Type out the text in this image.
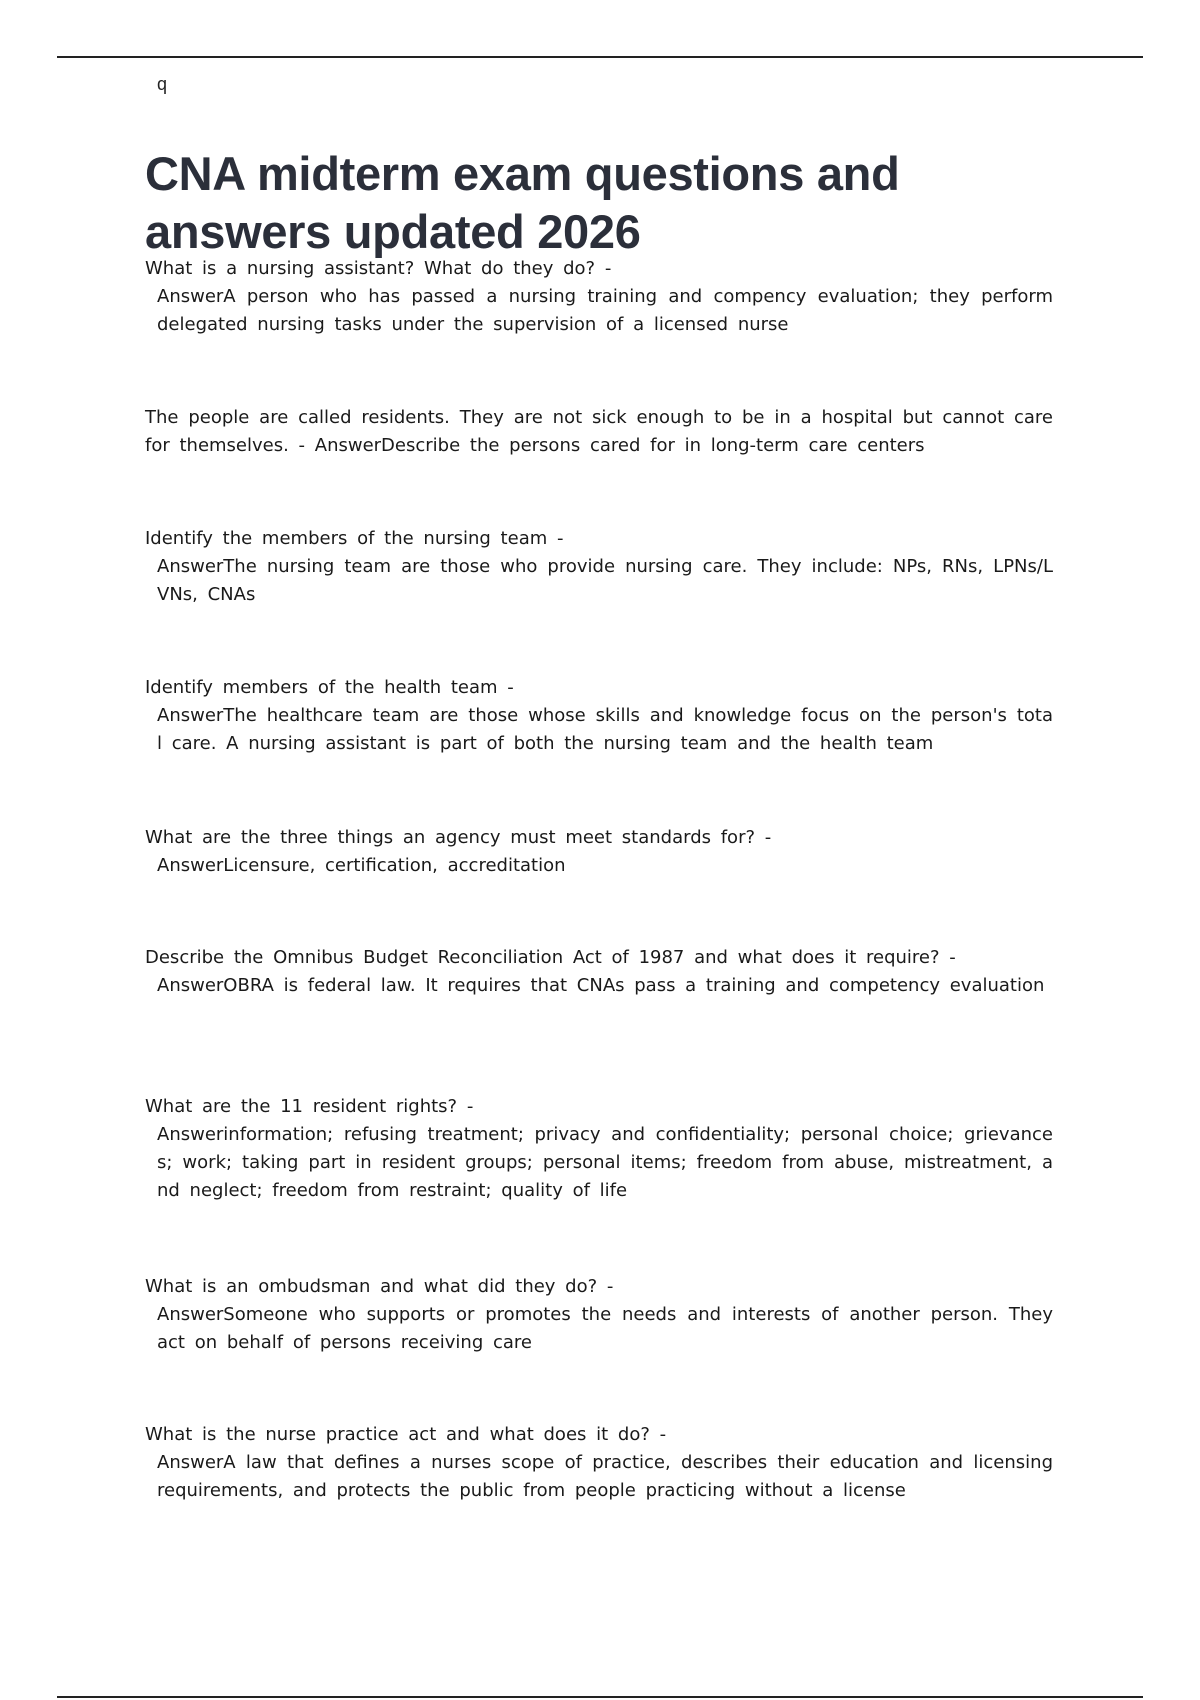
q
CNA midterm exam questions and answers updated 2026
What is a nursing assistant? What do they do? -
AnswerA person who has passed a nursing training and compency evaluation; they perform delegated nursing tasks under the supervision of a licensed nurse
The people are called residents. They are not sick enough to be in a hospital but cannot care for themselves. - AnswerDescribe the persons cared for in long-term care centers
Identify the members of the nursing team -
AnswerThe nursing team are those who provide nursing care. They include: NPs, RNs, LPNs/LVNs, CNAs
Identify members of the health team -
AnswerThe healthcare team are those whose skills and knowledge focus on the person's total care. A nursing assistant is part of both the nursing team and the health team
What are the three things an agency must meet standards for? -
AnswerLicensure, certification, accreditation
Describe the Omnibus Budget Reconciliation Act of 1987 and what does it require? -
AnswerOBRA is federal law. It requires that CNAs pass a training and competency evaluation
What are the 11 resident rights? -
Answerinformation; refusing treatment; privacy and confidentiality; personal choice; grievances; work; taking part in resident groups; personal items; freedom from abuse, mistreatment, and neglect; freedom from restraint; quality of life
What is an ombudsman and what did they do? -
AnswerSomeone who supports or promotes the needs and interests of another person. They act on behalf of persons receiving care
What is the nurse practice act and what does it do? -
AnswerA law that defines a nurses scope of practice, describes their education and licensing requirements, and protects the public from people practicing without a license
